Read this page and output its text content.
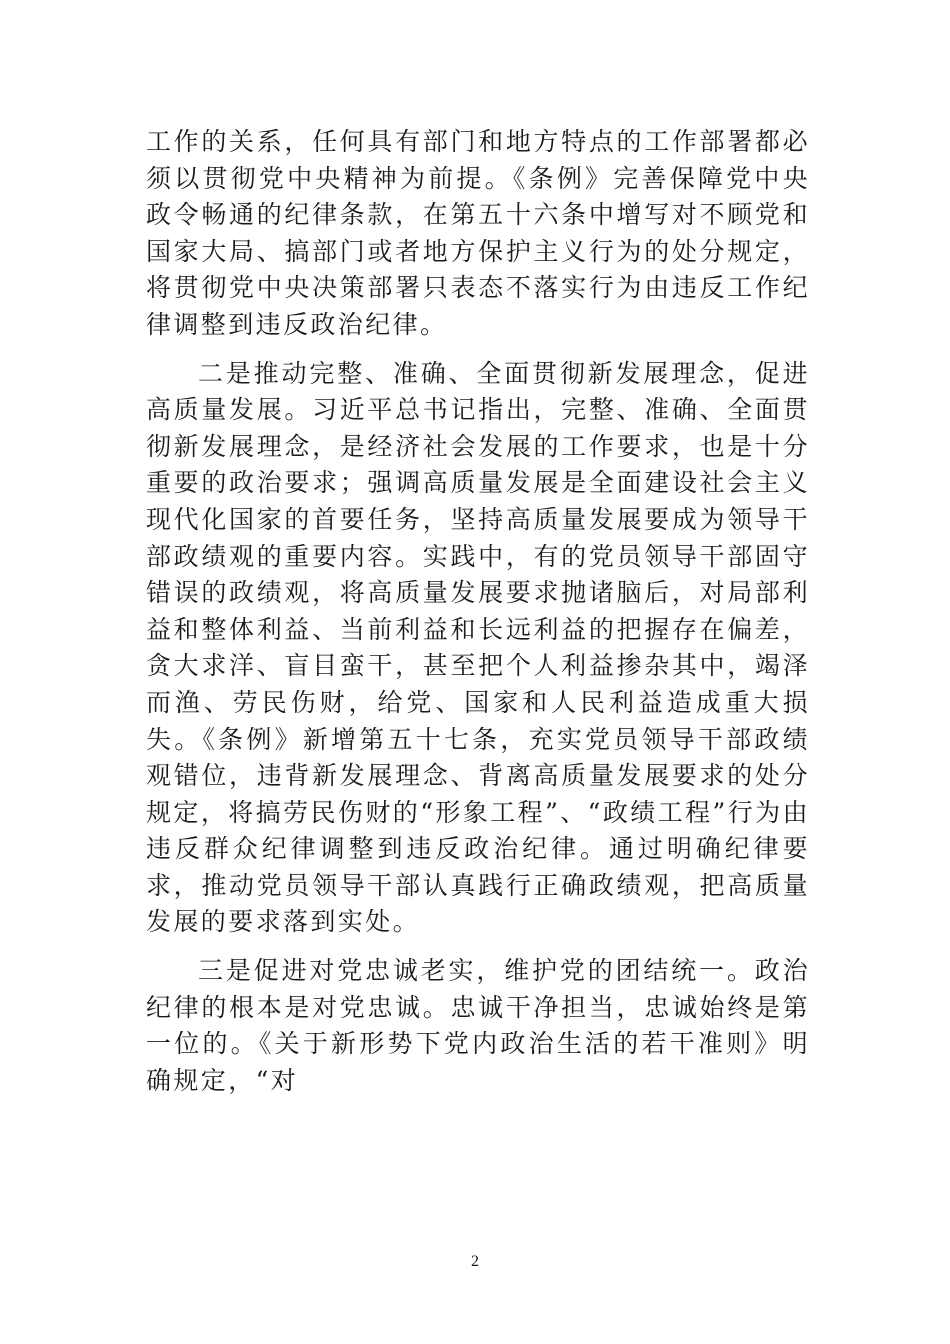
工作的关系，任何具有部门和地方特点的工作部署都必须以贯彻党中央精神为前提。《条例》完善保障党中央政令畅通的纪律条款，在第五十六条中增写对不顾党和国家大局、搞部门或者地方保护主义行为的处分规定，将贯彻党中央决策部署只表态不落实行为由违反工作纪律调整到违反政治纪律。

二是推动完整、准确、全面贯彻新发展理念，促进高质量发展。习近平总书记指出，完整、准确、全面贯彻新发展理念，是经济社会发展的工作要求，也是十分重要的政治要求；强调高质量发展是全面建设社会主义现代化国家的首要任务，坚持高质量发展要成为领导干部政绩观的重要内容。实践中，有的党员领导干部固守错误的政绩观，将高质量发展要求抛诸脑后，对局部利益和整体利益、当前利益和长远利益的把握存在偏差，贪大求洋、盲目蛮干，甚至把个人利益掺杂其中，竭泽而渔、劳民伤财，给党、国家和人民利益造成重大损失。《条例》新增第五十七条，充实党员领导干部政绩观错位，违背新发展理念、背离高质量发展要求的处分规定，将搞劳民伤财的“形象工程”、“政绩工程”行为由违反群众纪律调整到违反政治纪律。通过明确纪律要求，推动党员领导干部认真践行正确政绩观，把高质量发展的要求落到实处。

三是促进对党忠诚老实，维护党的团结统一。政治纪律的根本是对党忠诚。忠诚干净担当，忠诚始终是第一位的。《关于新形势下党内政治生活的若干准则》明确规定，“对

2
